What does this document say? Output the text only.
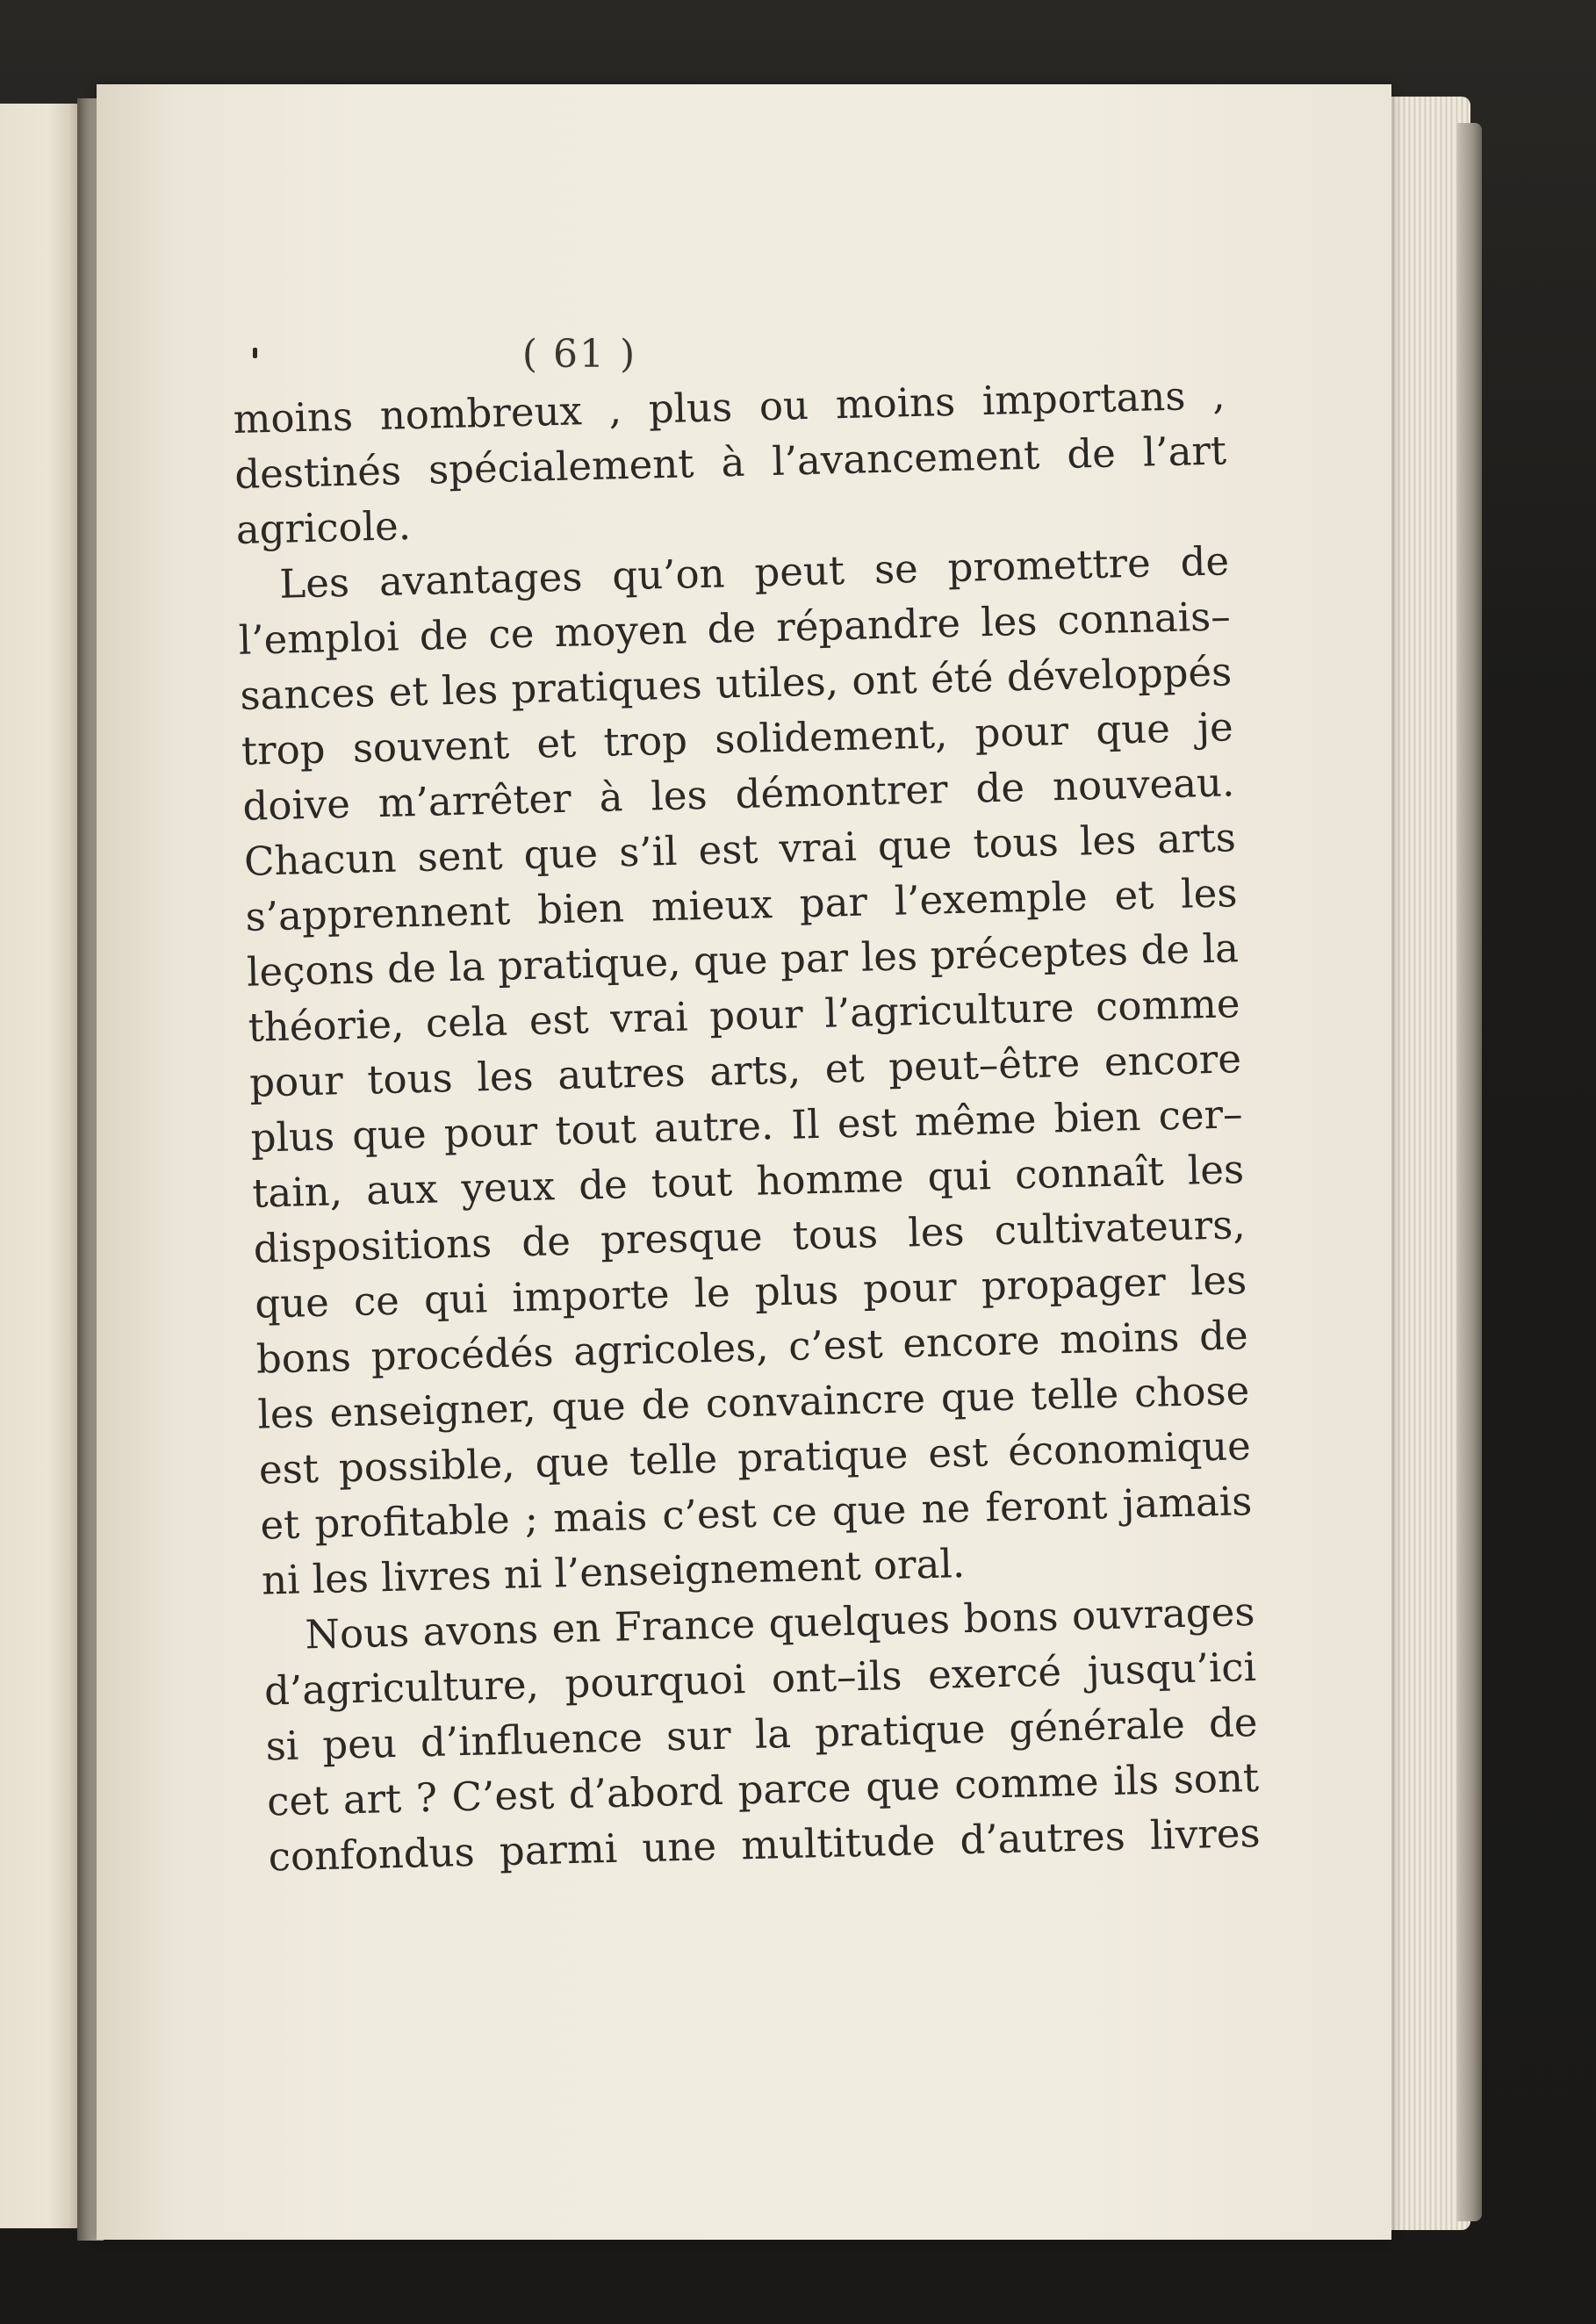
( 61 )
moins nombreux , plus ou moins importans ,
destinés spécialement à l’avancement de l’art
agricole.
Les avantages qu’on peut se promettre de
l’emploi de ce moyen de répandre les connais–
sances et les pratiques utiles, ont été développés
trop souvent et trop solidement, pour que je
doive m’arrêter à les démontrer de nouveau.
Chacun sent que s’il est vrai que tous les arts
s’apprennent bien mieux par l’exemple et les
leçons de la pratique, que par les préceptes de la
théorie, cela est vrai pour l’agriculture comme
pour tous les autres arts, et peut–être encore
plus que pour tout autre. Il est même bien cer–
tain, aux yeux de tout homme qui connaît les
dispositions de presque tous les cultivateurs,
que ce qui importe le plus pour propager les
bons procédés agricoles, c’est encore moins de
les enseigner, que de convaincre que telle chose
est possible, que telle pratique est économique
et profitable ; mais c’est ce que ne feront jamais
ni les livres ni l’enseignement oral.
Nous avons en France quelques bons ouvrages
d’agriculture, pourquoi ont–ils exercé jusqu’ici
si peu d’influence sur la pratique générale de
cet art ? C’est d’abord parce que comme ils sont
confondus parmi une multitude d’autres livres
